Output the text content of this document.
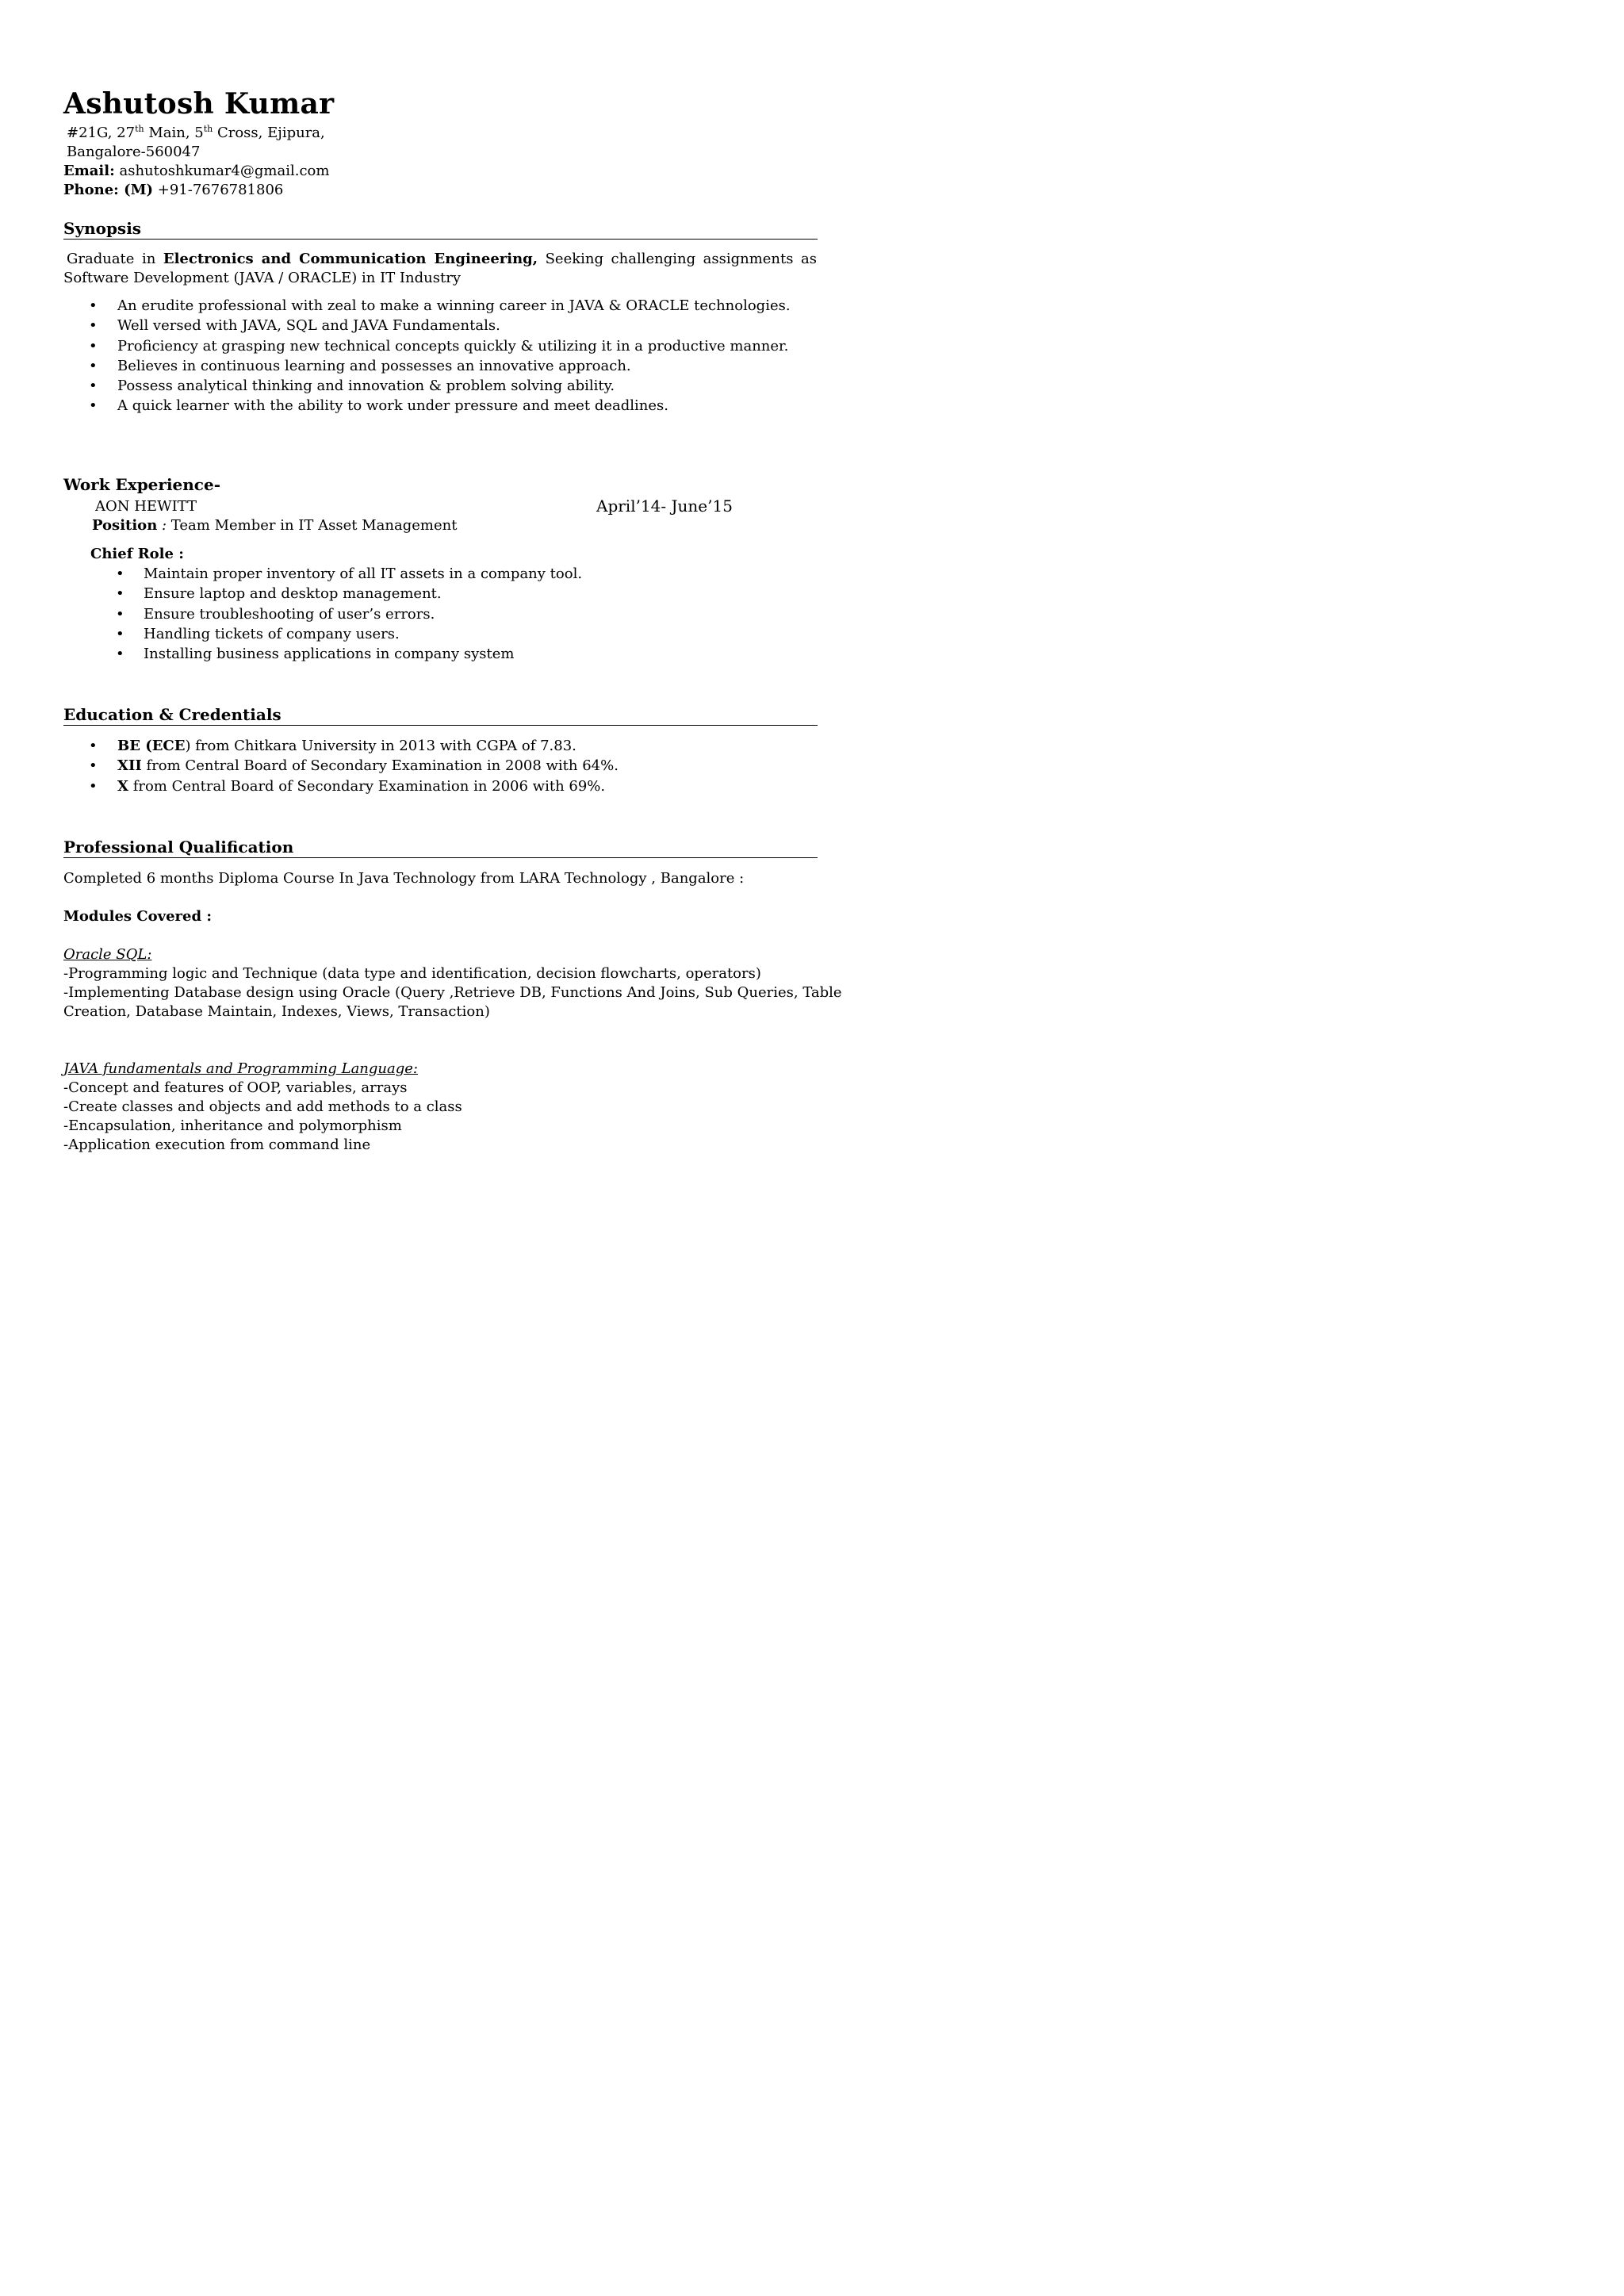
Ashutosh Kumar
#21G, 27th Main, 5th Cross, Ejipura,
Bangalore-560047
Email: ashutoshkumar4@gmail.com
Phone: (M) +91-7676781806
Synopsis
Graduate in Electronics and Communication Engineering, Seeking challenging assignments as Software Development (JAVA / ORACLE) in IT Industry
• An erudite professional with zeal to make a winning career in JAVA & ORACLE technologies.
• Well versed with JAVA, SQL and JAVA Fundamentals.
• Proficiency at grasping new technical concepts quickly & utilizing it in a productive manner.
• Believes in continuous learning and possesses an innovative approach.
• Possess analytical thinking and innovation & problem solving ability.
• A quick learner with the ability to work under pressure and meet deadlines.
Work Experience-
AON HEWITT	April’14- June’15
Position : Team Member in IT Asset Management
Chief Role :
• Maintain proper inventory of all IT assets in a company tool.
• Ensure laptop and desktop management.
• Ensure troubleshooting of user’s errors.
• Handling tickets of company users.
• Installing business applications in company system
Education & Credentials
• BE (ECE) from Chitkara University in 2013 with CGPA of 7.83.
• XII from Central Board of Secondary Examination in 2008 with 64%.
• X from Central Board of Secondary Examination in 2006 with 69%.
Professional Qualification
Completed 6 months Diploma Course In Java Technology from LARA Technology , Bangalore :
Modules Covered :
Oracle SQL:
-Programming logic and Technique (data type and identification, decision flowcharts, operators)
-Implementing Database design using Oracle (Query ,Retrieve DB, Functions And Joins, Sub Queries, Table
Creation, Database Maintain, Indexes, Views, Transaction)
JAVA fundamentals and Programming Language:
-Concept and features of OOP, variables, arrays
-Create classes and objects and add methods to a class
-Encapsulation, inheritance and polymorphism
-Application execution from command line
